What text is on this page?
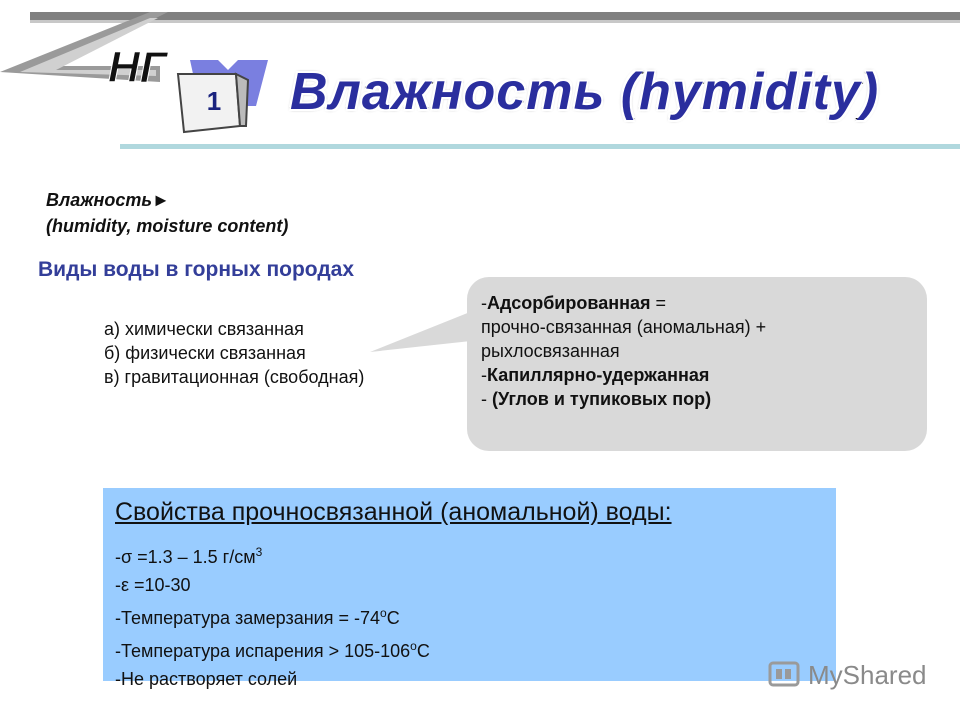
НГ
1 Влажность (hymidity)
Влажность►
(humidity, moisture content)
Виды воды в горных породах
а) химически связанная
б) физически связанная
в) гравитационная (свободная)
-Адсорбированная =
прочно-связанная (аномальная) +
рыхлосвязанная
-Капиллярно-удержанная
- (Углов и тупиковых пор)
Свойства прочносвязанной (аномальной) воды:
-σ =1.3 – 1.5 $г/см^3$
-ε =10-30
-Температура замерзания = $-74^oC$
-Температура испарения > $105-106^oC$
-Не растворяет солей	MyShared
